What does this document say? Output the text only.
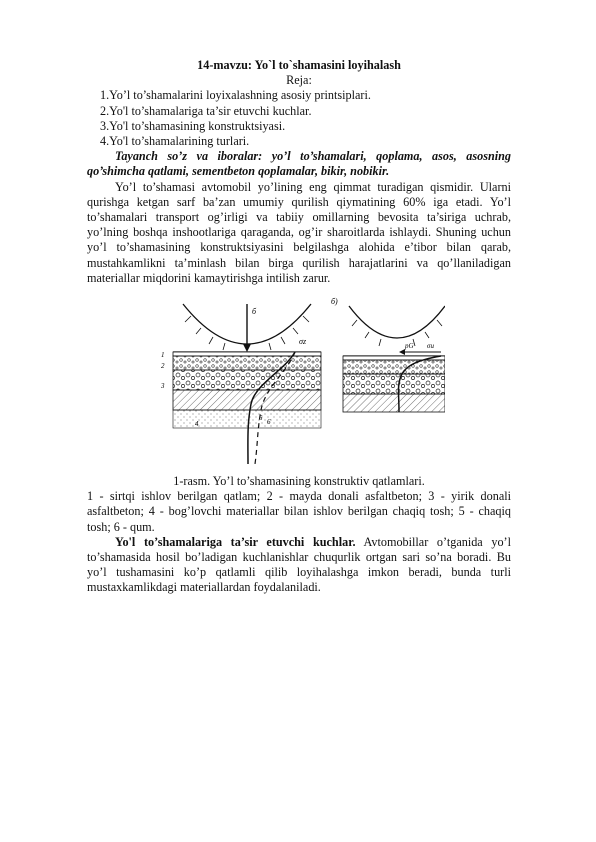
14-mavzu: Yo`l to`shamasini loyihalash

Reja:

1.Yo’l to’shamalarini loyixalashning asosiy printsiplari.

2.Yo'l to’shamalariga ta’sir etuvchi kuchlar.

3.Yo'l to’shamasining konstruktsiyasi.

4.Yo'l to’shamalarining turlari.

Tayanch so’z va iboralar: yo’l to’shamalari, qoplama, asos, asosning qo’shimcha qatlami, sementbeton qoplamalar, bikir, nobikir.

Yo’l to’shamasi avtomobil yo’lining eng qimmat turadigan qismidir. Ularni qurishga ketgan sarf ba’zan umumiy qurilish qiymatining 60% iga etadi. Yo’l to’shamalari transport og’irligi va tabiiy omillarning bevosita ta’siriga uchrab, yo’lning boshqa inshootlariga qaraganda, og’ir sharoitlarda ishlaydi. Shuning uchun yo’l to’shamasining konstruktsiyasini belgilashga alohida e’tibor bilan qarab, mustahkamlikni ta’minlash bilan birga qurilish harajatlarini va qo’llaniladigan materiallar miqdorini kamaytirishga intilish zarur.

б
σz
1
2
3
4
5 6
б)
рG σи

1-rasm. Yo’l to’shamasining konstruktiv qatlamlari.

1 - sirtqi ishlov berilgan qatlam; 2 - mayda donali asfaltbeton; 3 - yirik donali asfaltbeton; 4 - bog’lovchi materiallar bilan ishlov berilgan chaqiq tosh; 5 - chaqiq tosh; 6 - qum.

Yo'l to’shamalariga ta’sir etuvchi kuchlar. Avtomobillar o’tganida yo’l to’shamasida hosil bo’ladigan kuchlanishlar chuqurlik ortgan sari so’na boradi. Bu yo’l tushamasini ko’p qatlamli qilib loyihalashga imkon beradi, bunda turli mustaxkamlikdagi materiallardan foydalaniladi.
